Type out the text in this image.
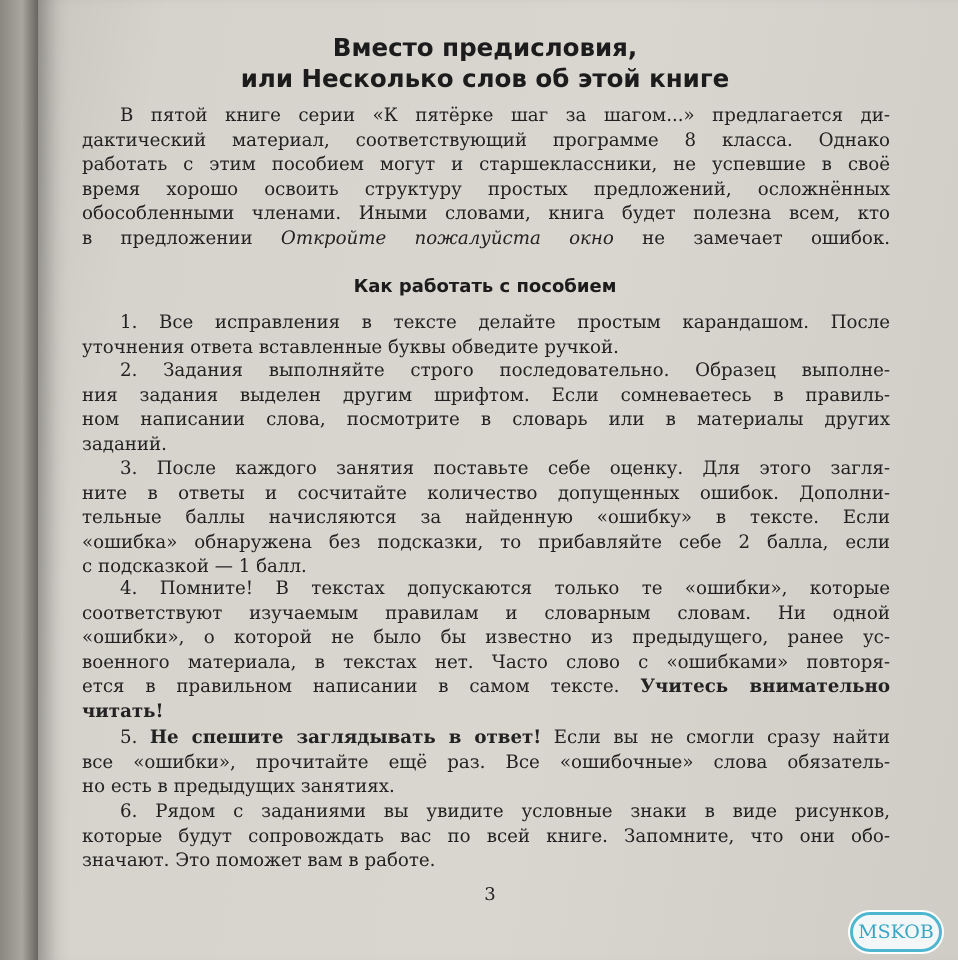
Вместо предисловия,
или Несколько слов об этой книге
В пятой книге серии «К пятёрке шаг за шагом...» предлагается ди-
дактический материал, соответствующий программе 8 класса. Однако
работать с этим пособием могут и старшеклассники, не успевшие в своё
время хорошо освоить структуру простых предложений, осложнённых
обособленными членами. Иными словами, книга будет полезна всем, кто
в предложении Откройте пожалуйста окно не замечает ошибок.
Как работать с пособием
1. Все исправления в тексте делайте простым карандашом. После
уточнения ответа вставленные буквы обведите ручкой.
2. Задания выполняйте строго последовательно. Образец выполне-
ния задания выделен другим шрифтом. Если сомневаетесь в правиль-
ном написании слова, посмотрите в словарь или в материалы других
заданий.
3. После каждого занятия поставьте себе оценку. Для этого загля-
ните в ответы и сосчитайте количество допущенных ошибок. Дополни-
тельные баллы начисляются за найденную «ошибку» в тексте. Если
«ошибка» обнаружена без подсказки, то прибавляйте себе 2 балла, если
с подсказкой — 1 балл.
4. Помните! В текстах допускаются только те «ошибки», которые
соответствуют изучаемым правилам и словарным словам. Ни одной
«ошибки», о которой не было бы известно из предыдущего, ранее ус-
военного материала, в текстах нет. Часто слово с «ошибками» повторя-
ется в правильном написании в самом тексте. Учитесь внимательно
читать!
5. Не спешите заглядывать в ответ! Если вы не смогли сразу найти
все «ошибки», прочитайте ещё раз. Все «ошибочные» слова обязатель-
но есть в предыдущих занятиях.
6. Рядом с заданиями вы увидите условные знаки в виде рисунков,
которые будут сопровождать вас по всей книге. Запомните, что они обо-
значают. Это поможет вам в работе.
3
MSKOB
